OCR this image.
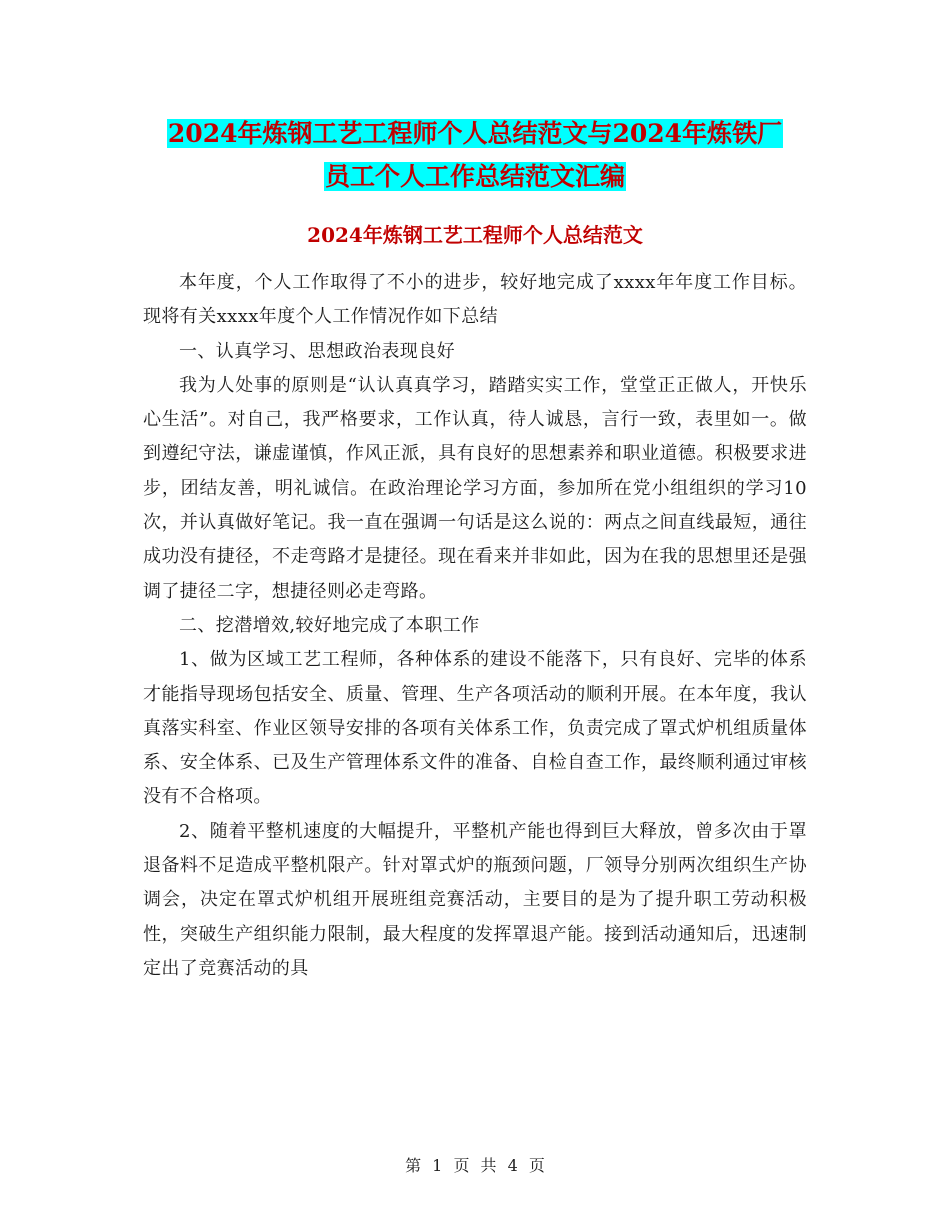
2024年炼钢工艺工程师个人总结范文与2024年炼铁厂
员工个人工作总结范文汇编
2024年炼钢工艺工程师个人总结范文

本年度，个人工作取得了不小的进步，较好地完成了xxxx年年度工作目标。现将有关xxxx年度个人工作情况作如下总结

一、认真学习、思想政治表现良好

我为人处事的原则是“认认真真学习，踏踏实实工作，堂堂正正做人，开快乐心生活”。对自己，我严格要求，工作认真，待人诚恳，言行一致，表里如一。做到遵纪守法，谦虚谨慎，作风正派，具有良好的思想素养和职业道德。积极要求进步，团结友善，明礼诚信。在政治理论学习方面，参加所在党小组组织的学习10次，并认真做好笔记。我一直在强调一句话是这么说的：两点之间直线最短，通往成功没有捷径，不走弯路才是捷径。现在看来并非如此，因为在我的思想里还是强调了捷径二字，想捷径则必走弯路。

二、挖潜增效,较好地完成了本职工作

1、做为区域工艺工程师，各种体系的建设不能落下，只有良好、完毕的体系才能指导现场包括安全、质量、管理、生产各项活动的顺利开展。在本年度，我认真落实科室、作业区领导安排的各项有关体系工作，负责完成了罩式炉机组质量体系、安全体系、已及生产管理体系文件的准备、自检自查工作，最终顺利通过审核没有不合格项。

2、随着平整机速度的大幅提升，平整机产能也得到巨大释放，曾多次由于罩退备料不足造成平整机限产。针对罩式炉的瓶颈问题，厂领导分别两次组织生产协调会，决定在罩式炉机组开展班组竞赛活动，主要目的是为了提升职工劳动积极性，突破生产组织能力限制，最大程度的发挥罩退产能。接到活动通知后，迅速制定出了竞赛活动的具

第 1 页 共 4 页
